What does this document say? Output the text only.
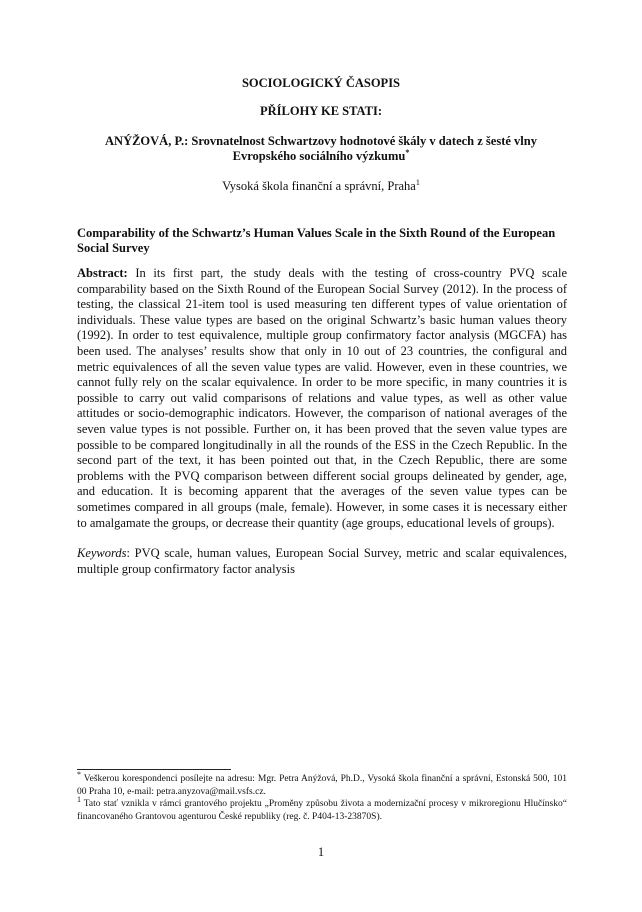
SOCIOLOGICKÝ ČASOPIS
PŘÍLOHY KE STATI:
ANÝŽOVÁ, P.: Srovnatelnost Schwartzovy hodnotové škály v datech z šesté vlny
Evropského sociálního výzkumu*
Vysoká škola finanční a správní, Praha$^1$
Comparability of the Schwartz’s Human Values Scale in the Sixth Round of the European Social Survey
Abstract: In its first part, the study deals with the testing of cross-country PVQ scale comparability based on the Sixth Round of the European Social Survey (2012). In the process of testing, the classical 21-item tool is used measuring ten different types of value orientation of individuals. These value types are based on the original Schwartz’s basic human values theory (1992). In order to test equivalence, multiple group confirmatory factor analysis (MGCFA) has been used. The analyses’ results show that only in 10 out of 23 countries, the configural and metric equivalences of all the seven value types are valid. However, even in these countries, we cannot fully rely on the scalar equivalence. In order to be more specific, in many countries it is possible to carry out valid comparisons of relations and value types, as well as other value attitudes or socio-demographic indicators. However, the comparison of national averages of the seven value types is not possible. Further on, it has been proved that the seven value types are possible to be compared longitudinally in all the rounds of the ESS in the Czech Republic. In the second part of the text, it has been pointed out that, in the Czech Republic, there are some problems with the PVQ comparison between different social groups delineated by gender, age, and education. It is becoming apparent that the averages of the seven value types can be sometimes compared in all groups (male, female). However, in some cases it is necessary either to amalgamate the groups, or decrease their quantity (age groups, educational levels of groups).
Keywords: PVQ scale, human values, European Social Survey, metric and scalar equivalences, multiple group confirmatory factor analysis
* Veškerou korespondenci posílejte na adresu: Mgr. Petra Anýžová, Ph.D., Vysoká škola finanční a správní, Estonská 500, 101 00 Praha 10, e-mail: petra.anyzova@mail.vsfs.cz.
$^1$ Tato stať vznikla v rámci grantového projektu „Proměny způsobu života a modernizační procesy v mikroregionu Hlučínsko“ financovaného Grantovou agenturou České republiky (reg. č. P404-13-23870S).
1
